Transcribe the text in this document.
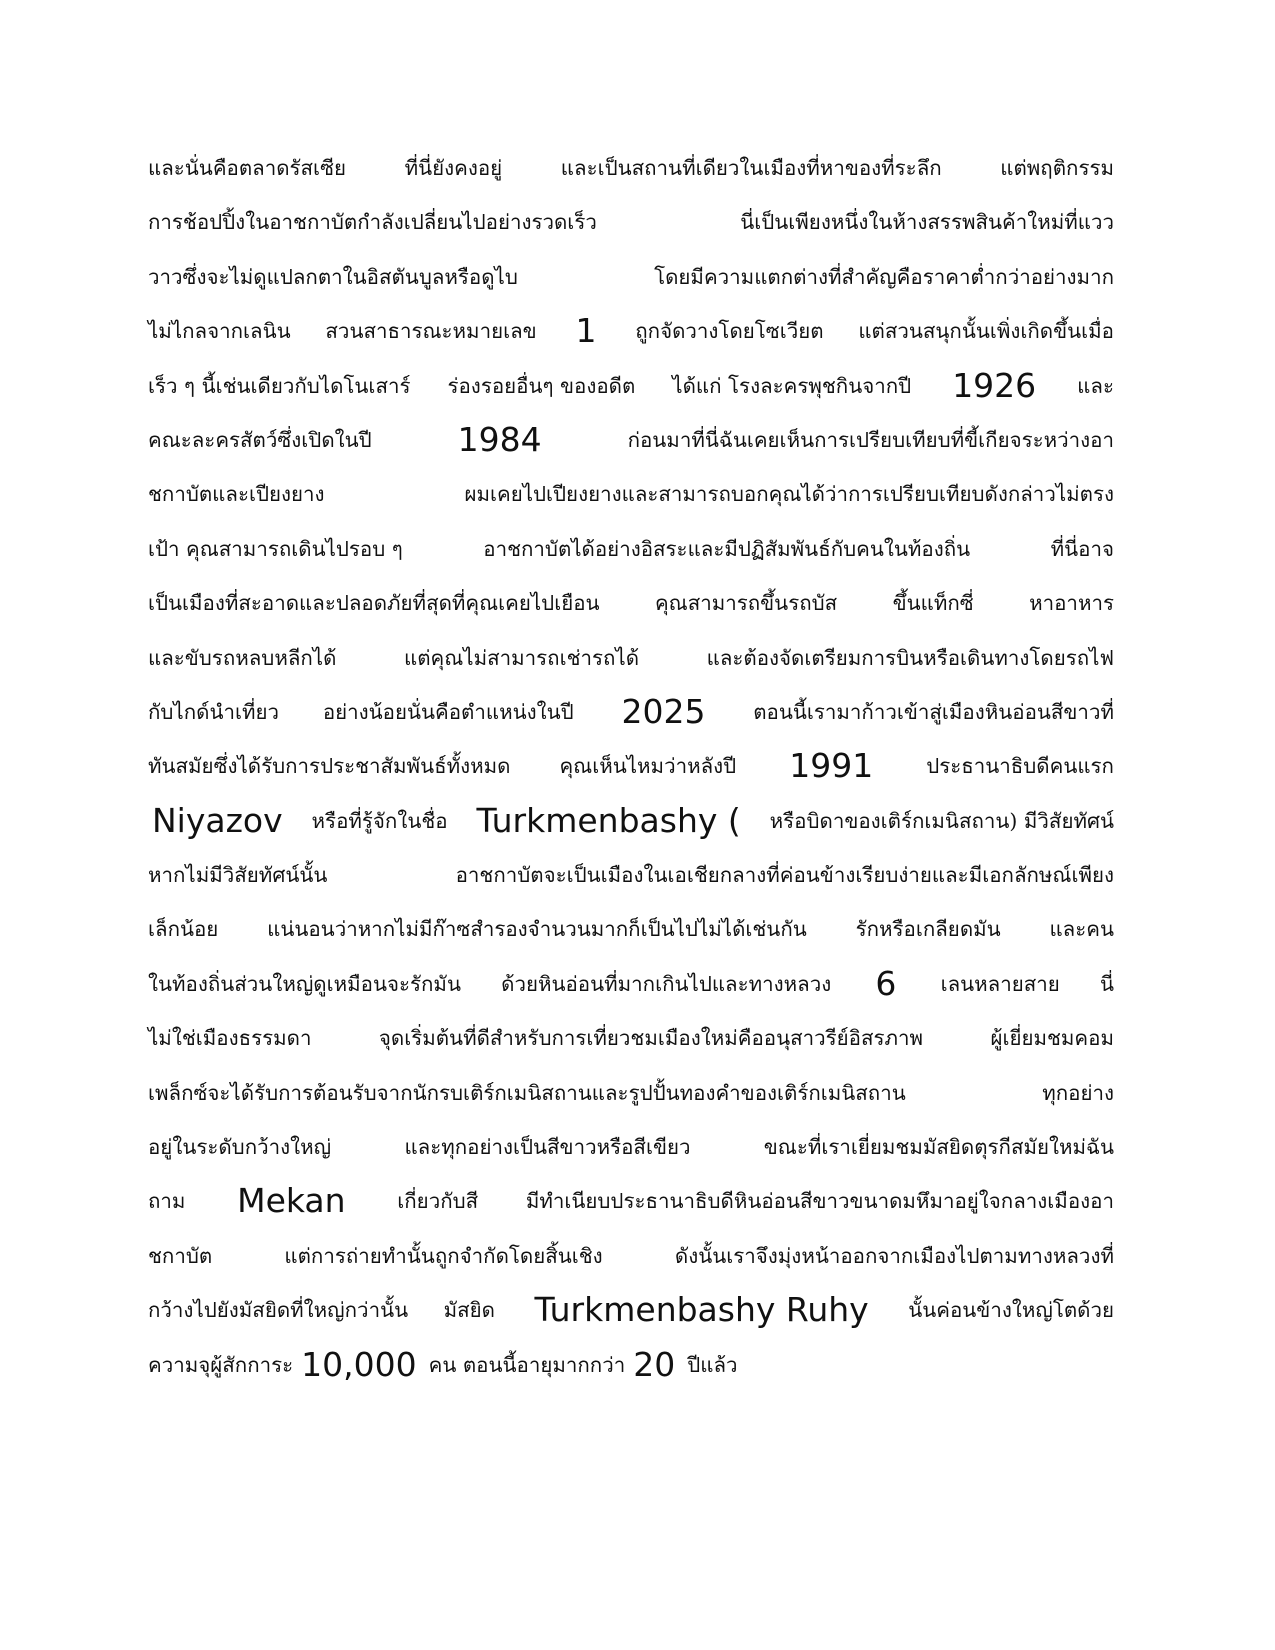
และนั่นคือตลาดรัสเซีย	ที่นี่ยังคงอยู่	และเป็นสถานที่เดียวในเมืองที่หาของที่ระลึก	แต่พฤติกรรม
การช้อปปิ้งในอาชกาบัตกำลังเปลี่ยนไปอย่างรวดเร็ว	นี่เป็นเพียงหนึ่งในห้างสรรพสินค้าใหม่ที่แวว
วาวซึ่งจะไม่ดูแปลกตาในอิสตันบูลหรือดูไบ	โดยมีความแตกต่างที่สำคัญคือราคาต่ำกว่าอย่างมาก
ไม่ไกลจากเลนิน สวนสาธารณะหมายเลข 1 ถูกจัดวางโดยโซเวียต แต่สวนสนุกนั้นเพิ่งเกิดขึ้นเมื่อ
เร็ว ๆ นี้เช่นเดียวกับไดโนเสาร์ ร่องรอยอื่นๆ ของอดีต ได้แก่ โรงละครพุชกินจากปี 1926 และ
คณะละครสัตว์ซึ่งเปิดในปี	1984	ก่อนมาที่นี่ฉันเคยเห็นการเปรียบเทียบที่ขี้เกียจระหว่างอา
ชกาบัตและเปียงยาง	ผมเคยไปเปียงยางและสามารถบอกคุณได้ว่าการเปรียบเทียบดังกล่าวไม่ตรง
เป้า คุณสามารถเดินไปรอบ ๆ	อาชกาบัตได้อย่างอิสระและมีปฏิสัมพันธ์กับคนในท้องถิ่น	ที่นี่อาจ
เป็นเมืองที่สะอาดและปลอดภัยที่สุดที่คุณเคยไปเยือน	คุณสามารถขึ้นรถบัส	ขึ้นแท็กซี่	หาอาหาร
และขับรถหลบหลีกได้	แต่คุณไม่สามารถเช่ารถได้	และต้องจัดเตรียมการบินหรือเดินทางโดยรถไฟ
กับไกด์นำเที่ยว อย่างน้อยนั่นคือตำแหน่งในปี 2025 ตอนนี้เรามาก้าวเข้าสู่เมืองหินอ่อนสีขาวที่
ทันสมัยซึ่งได้รับการประชาสัมพันธ์ทั้งหมด คุณเห็นไหมว่าหลังปี 1991	ประธานาธิบดีคนแรก
Niyazov หรือที่รู้จักในชื่อ Turkmenbashy ( หรือบิดาของเติร์กเมนิสถาน) มีวิสัยทัศน์
หากไม่มีวิสัยทัศน์นั้น	อาชกาบัตจะเป็นเมืองในเอเชียกลางที่ค่อนข้างเรียบง่ายและมีเอกลักษณ์เพียง
เล็กน้อย แน่นอนว่าหากไม่มีก๊าซสำรองจำนวนมากก็เป็นไปไม่ได้เช่นกัน รักหรือเกลียดมัน และคน
ในท้องถิ่นส่วนใหญ่ดูเหมือนจะรักมัน ด้วยหินอ่อนที่มากเกินไปและทางหลวง 6 เลนหลายสาย นี่
ไม่ใช่เมืองธรรมดา	จุดเริ่มต้นที่ดีสำหรับการเที่ยวชมเมืองใหม่คืออนุสาวรีย์อิสรภาพ	ผู้เยี่ยมชมคอม
เพล็กซ์จะได้รับการต้อนรับจากนักรบเติร์กเมนิสถานและรูปปั้นทองคำของเติร์กเมนิสถาน	ทุกอย่าง
อยู่ในระดับกว้างใหญ่	และทุกอย่างเป็นสีขาวหรือสีเขียว	ขณะที่เราเยี่ยมชมมัสยิดตุรกีสมัยใหม่ฉัน
ถาม Mekan	เกี่ยวกับสี มีทำเนียบประธานาธิบดีหินอ่อนสีขาวขนาดมหึมาอยู่ใจกลางเมืองอา
ชกาบัต	แต่การถ่ายทำนั้นถูกจำกัดโดยสิ้นเชิง	ดังนั้นเราจึงมุ่งหน้าออกจากเมืองไปตามทางหลวงที่
กว้างไปยังมัสยิดที่ใหญ่กว่านั้น มัสยิด Turkmenbashy Ruhy นั้นค่อนข้างใหญ่โตด้วย
ความจุผู้สักการะ 10,000 คน ตอนนี้อายุมากกว่า 20 ปีแล้ว
